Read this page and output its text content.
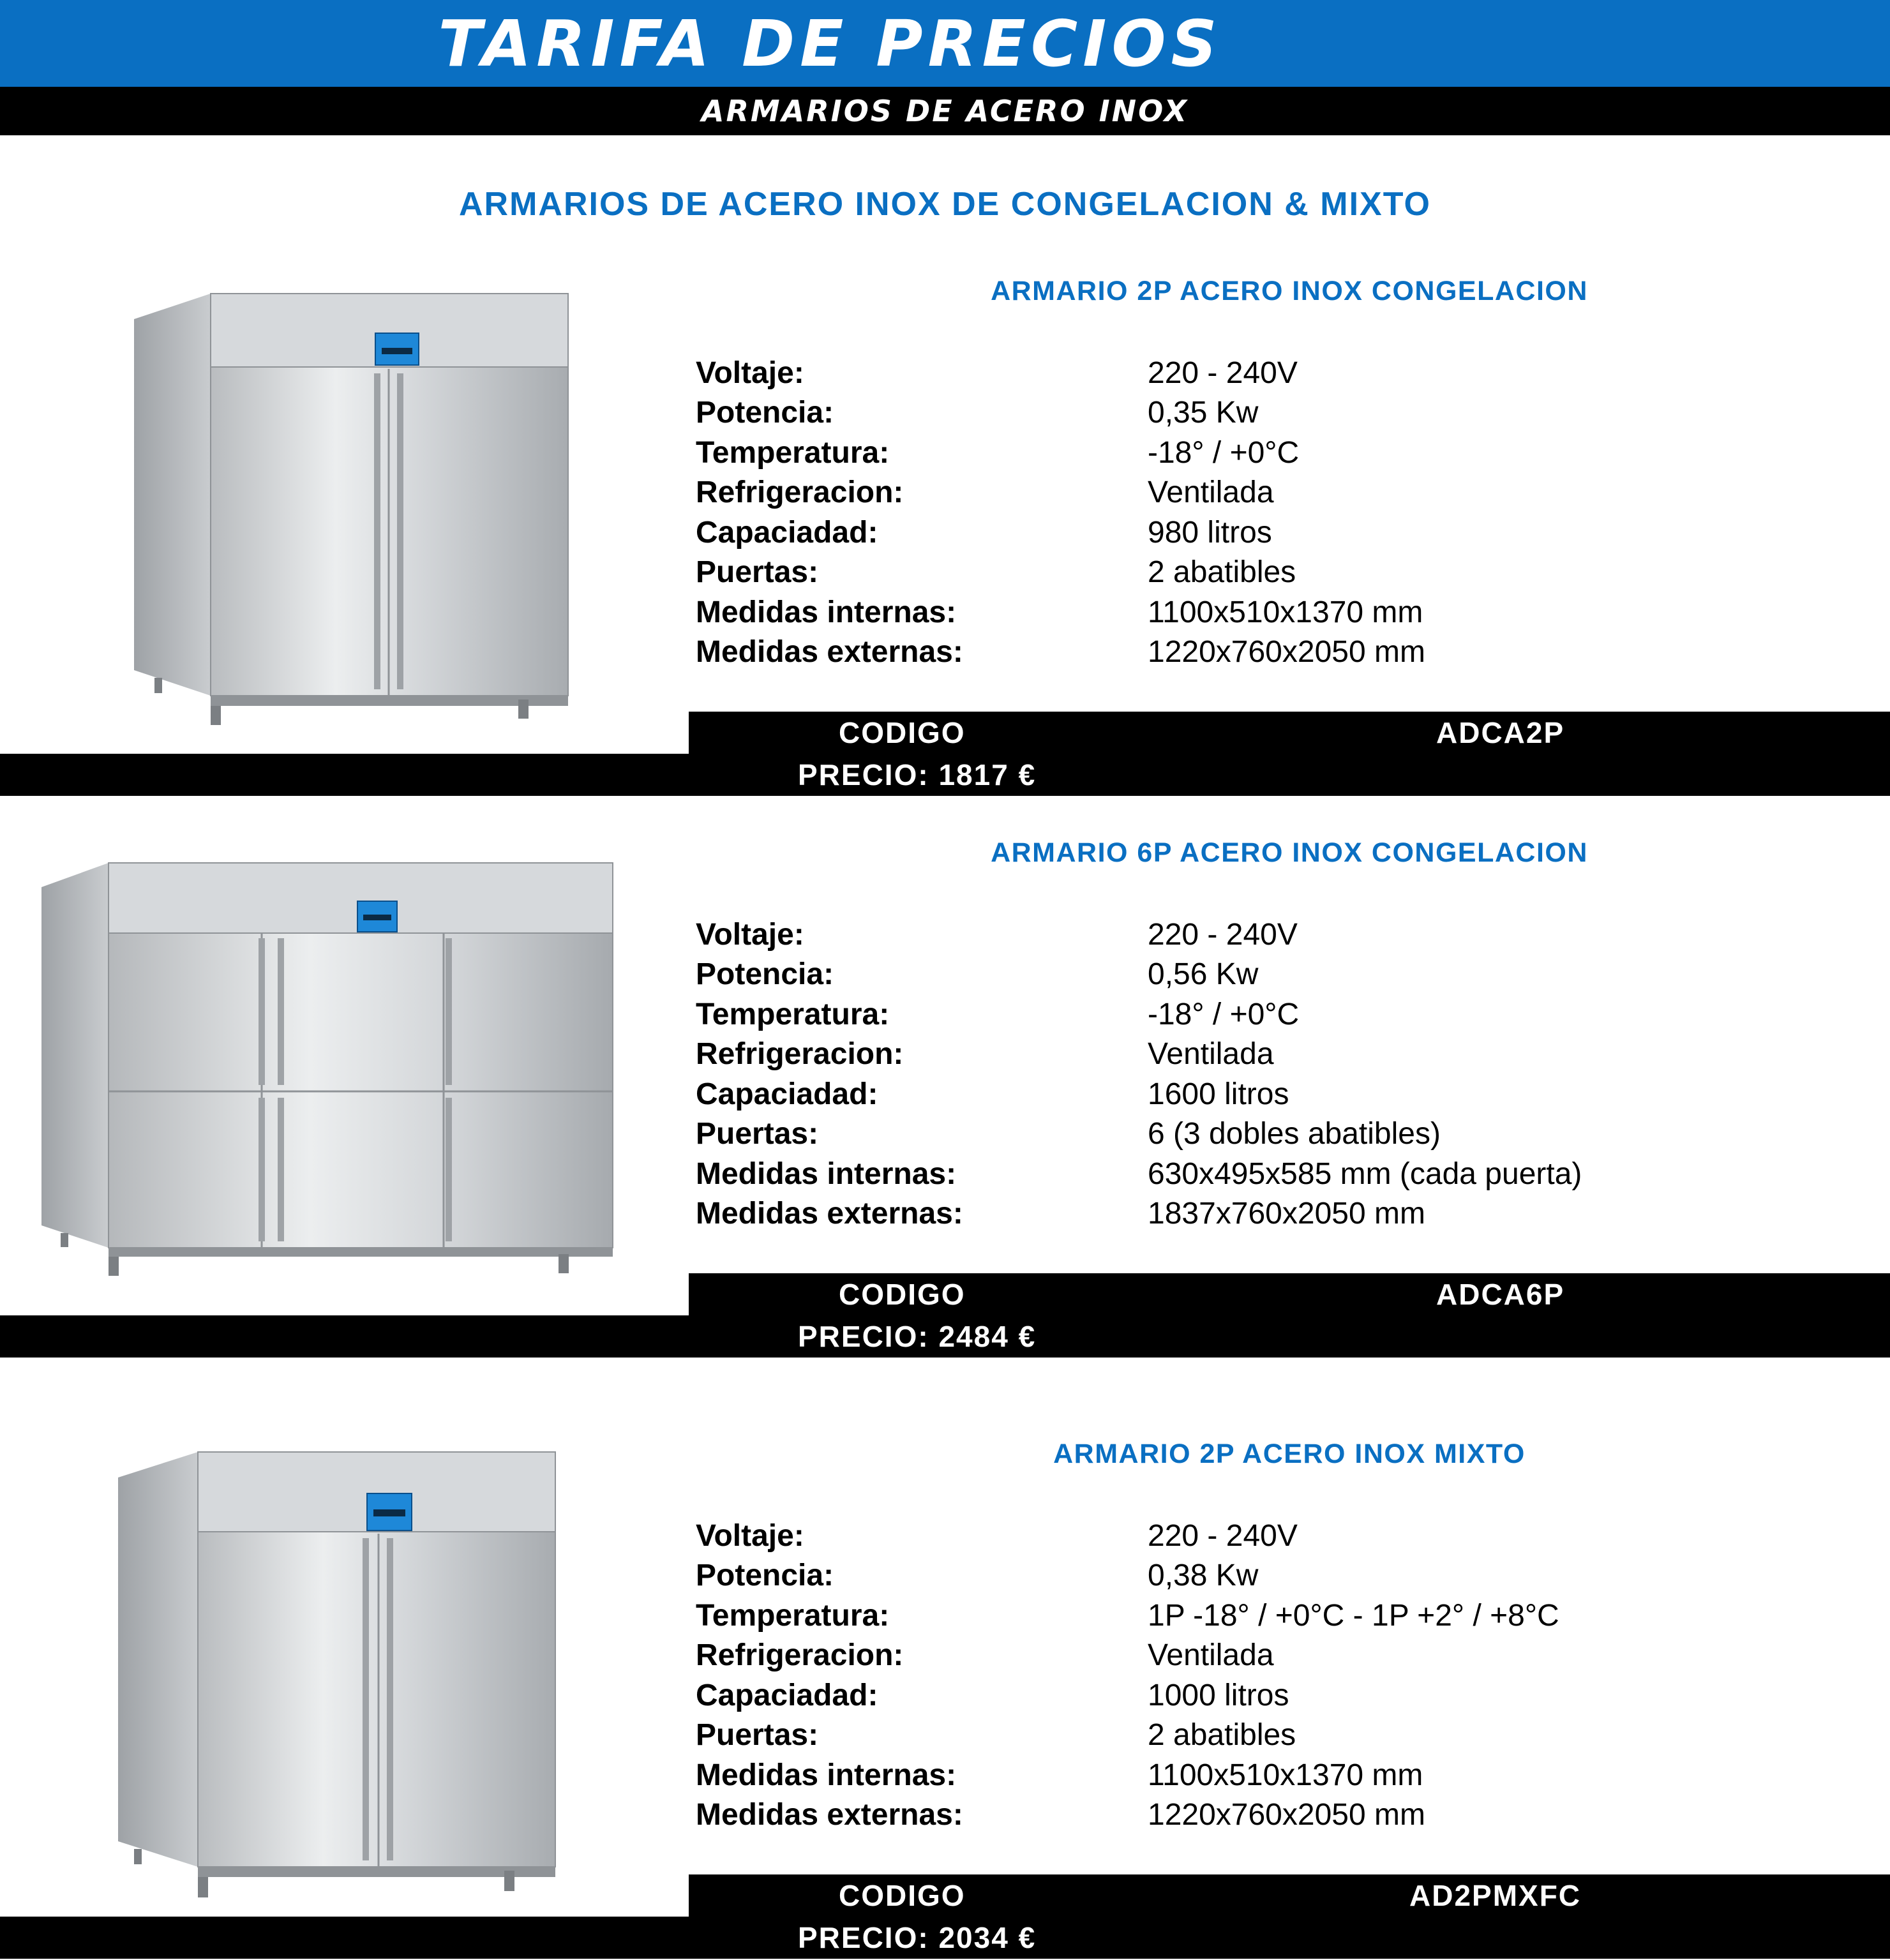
TARIFA DE PRECIOS
ARMARIOS DE ACERO INOX
ARMARIOS DE ACERO INOX DE CONGELACION & MIXTO
ARMARIO 2P ACERO INOX CONGELACION
Voltaje:	220 - 240V
Potencia:	0,35 Kw
Temperatura:	-18° / +0°C
Refrigeracion:	Ventilada
Capaciadad:	980 litros
Puertas:	2 abatibles
Medidas internas:	1100x510x1370 mm
Medidas externas:	1220x760x2050 mm
CODIGO	ADCA2P
PRECIO: 1817 €
ARMARIO 6P ACERO INOX CONGELACION
Voltaje:	220 - 240V
Potencia:	0,56 Kw
Temperatura:	-18° / +0°C
Refrigeracion:	Ventilada
Capaciadad:	1600 litros
Puertas:	6 (3 dobles abatibles)
Medidas internas:	630x495x585 mm (cada puerta)
Medidas externas:	1837x760x2050 mm
CODIGO	ADCA6P
PRECIO: 2484 €
ARMARIO 2P ACERO INOX MIXTO
Voltaje:	220 - 240V
Potencia:	0,38 Kw
Temperatura:	1P -18° / +0°C - 1P +2° / +8°C
Refrigeracion:	Ventilada
Capaciadad:	1000 litros
Puertas:	2 abatibles
Medidas internas:	1100x510x1370 mm
Medidas externas:	1220x760x2050 mm
CODIGO	AD2PMXFC
PRECIO: 2034 €
